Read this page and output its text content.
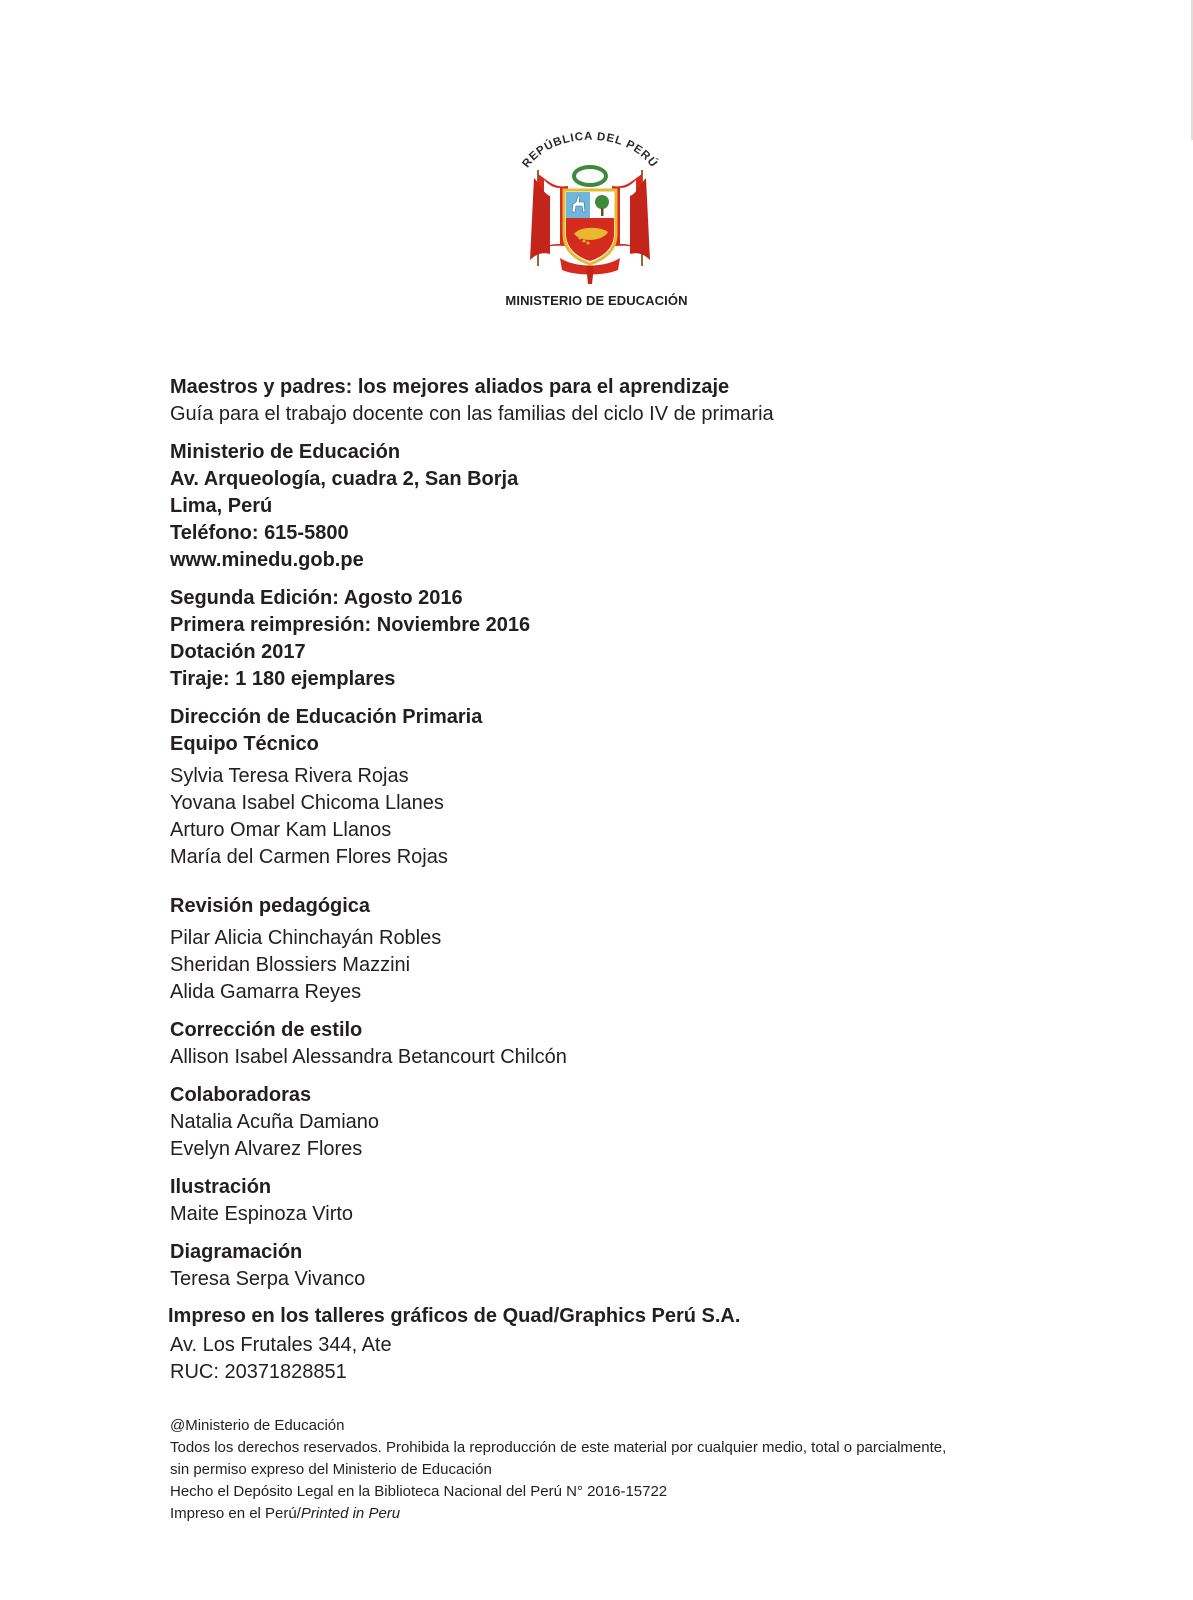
REPÚBLICA DEL PERÚ
MINISTERIO DE EDUCACIÓN
Maestros y padres: los mejores aliados para el aprendizaje
Guía para el trabajo docente con las familias del ciclo IV de primaria
Ministerio de Educación
Av. Arqueología, cuadra 2, San Borja
Lima, Perú
Teléfono: 615-5800
www.minedu.gob.pe
Segunda Edición: Agosto 2016
Primera reimpresión: Noviembre 2016
Dotación 2017
Tiraje: 1 180 ejemplares
Dirección de Educación Primaria
Equipo Técnico
Sylvia Teresa Rivera Rojas
Yovana Isabel Chicoma Llanes
Arturo Omar Kam Llanos
María del Carmen Flores Rojas
Revisión pedagógica
Pilar Alicia Chinchayán Robles
Sheridan Blossiers Mazzini
Alida Gamarra Reyes
Corrección de estilo
Allison Isabel Alessandra Betancourt Chilcón
Colaboradoras
Natalia Acuña Damiano
Evelyn Alvarez Flores
Ilustración
Maite Espinoza Virto
Diagramación
Teresa Serpa Vivanco
Impreso en los talleres gráficos de Quad/Graphics Perú S.A.
Av. Los Frutales 344, Ate
RUC: 20371828851
@Ministerio de Educación
Todos los derechos reservados. Prohibida la reproducción de este material por cualquier medio, total o parcialmente,
sin permiso expreso del Ministerio de Educación
Hecho el Depósito Legal en la Biblioteca Nacional del Perú N° 2016-15722
Impreso en el Perú/Printed in Peru
